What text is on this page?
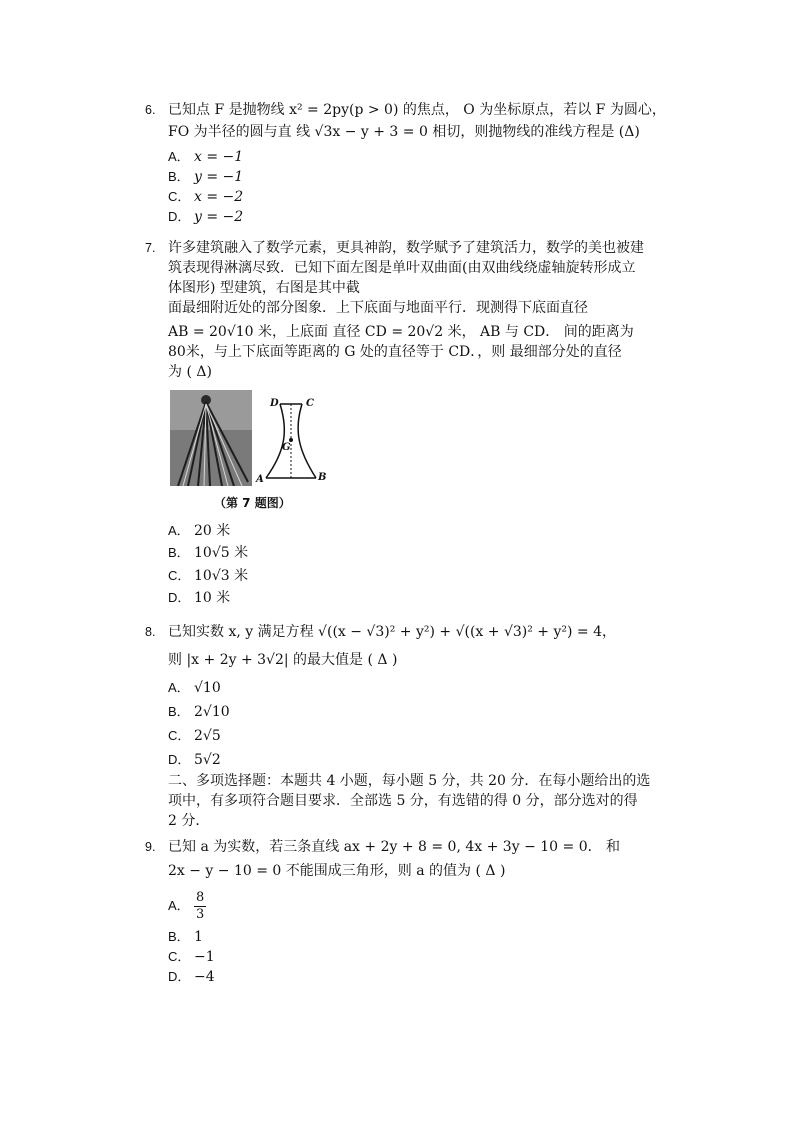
6. 已知点 F 是抛物线 x² = 2py(p > 0) 的焦点， O 为坐标原点，若以 F 为圆心，
FO 为半径的圆与直 线 √3x − y + 3 = 0 相切，则抛物线的准线方程是 (Δ)
A． x = −1
B． y = −1
C． x = −2
D． y = −2
7. 许多建筑融入了数学元素，更具神韵，数学赋予了建筑活力，数学的美也被建
筑表现得淋漓尽致．已知下面左图是单叶双曲面(由双曲线绕虚轴旋转形成立
体图形) 型建筑，右图是其中截
面最细附近处的部分图象．上下底面与地面平行．现测得下底面直径
AB = 20√10 米，上底面 直径 CD = 20√2 米， AB 与 CD． 间的距离为
80米，与上下底面等距离的 G 处的直径等于 CD．，则 最细部分处的直径
为 ( Δ)
D	C
G
A	B
（第 7 题图）
A． 20 米
B． 10√5 米
C． 10√3 米
D． 10 米
8. 已知实数 x, y 满足方程 √((x − √3)² + y²) + √((x + √3)² + y²) = 4，
则 |x + 2y + 3√2| 的最大值是 ( Δ )
A． √10
B． 2√10
C． 2√5
D． 5√2
二、多项选择题：本题共 4 小题，每小题 5 分，共 20 分．在每小题给出的选
项中，有多项符合题目要求．全部选 5 分，有选错的得 0 分，部分选对的得
2 分．
9. 已知 a 为实数，若三条直线 ax + 2y + 8 = 0, 4x + 3y − 10 = 0． 和
2x − y − 10 = 0 不能围成三角形，则 a 的值为 ( Δ )
A． $\frac{8}{3}$
B． 1
C． −1
D． −4
